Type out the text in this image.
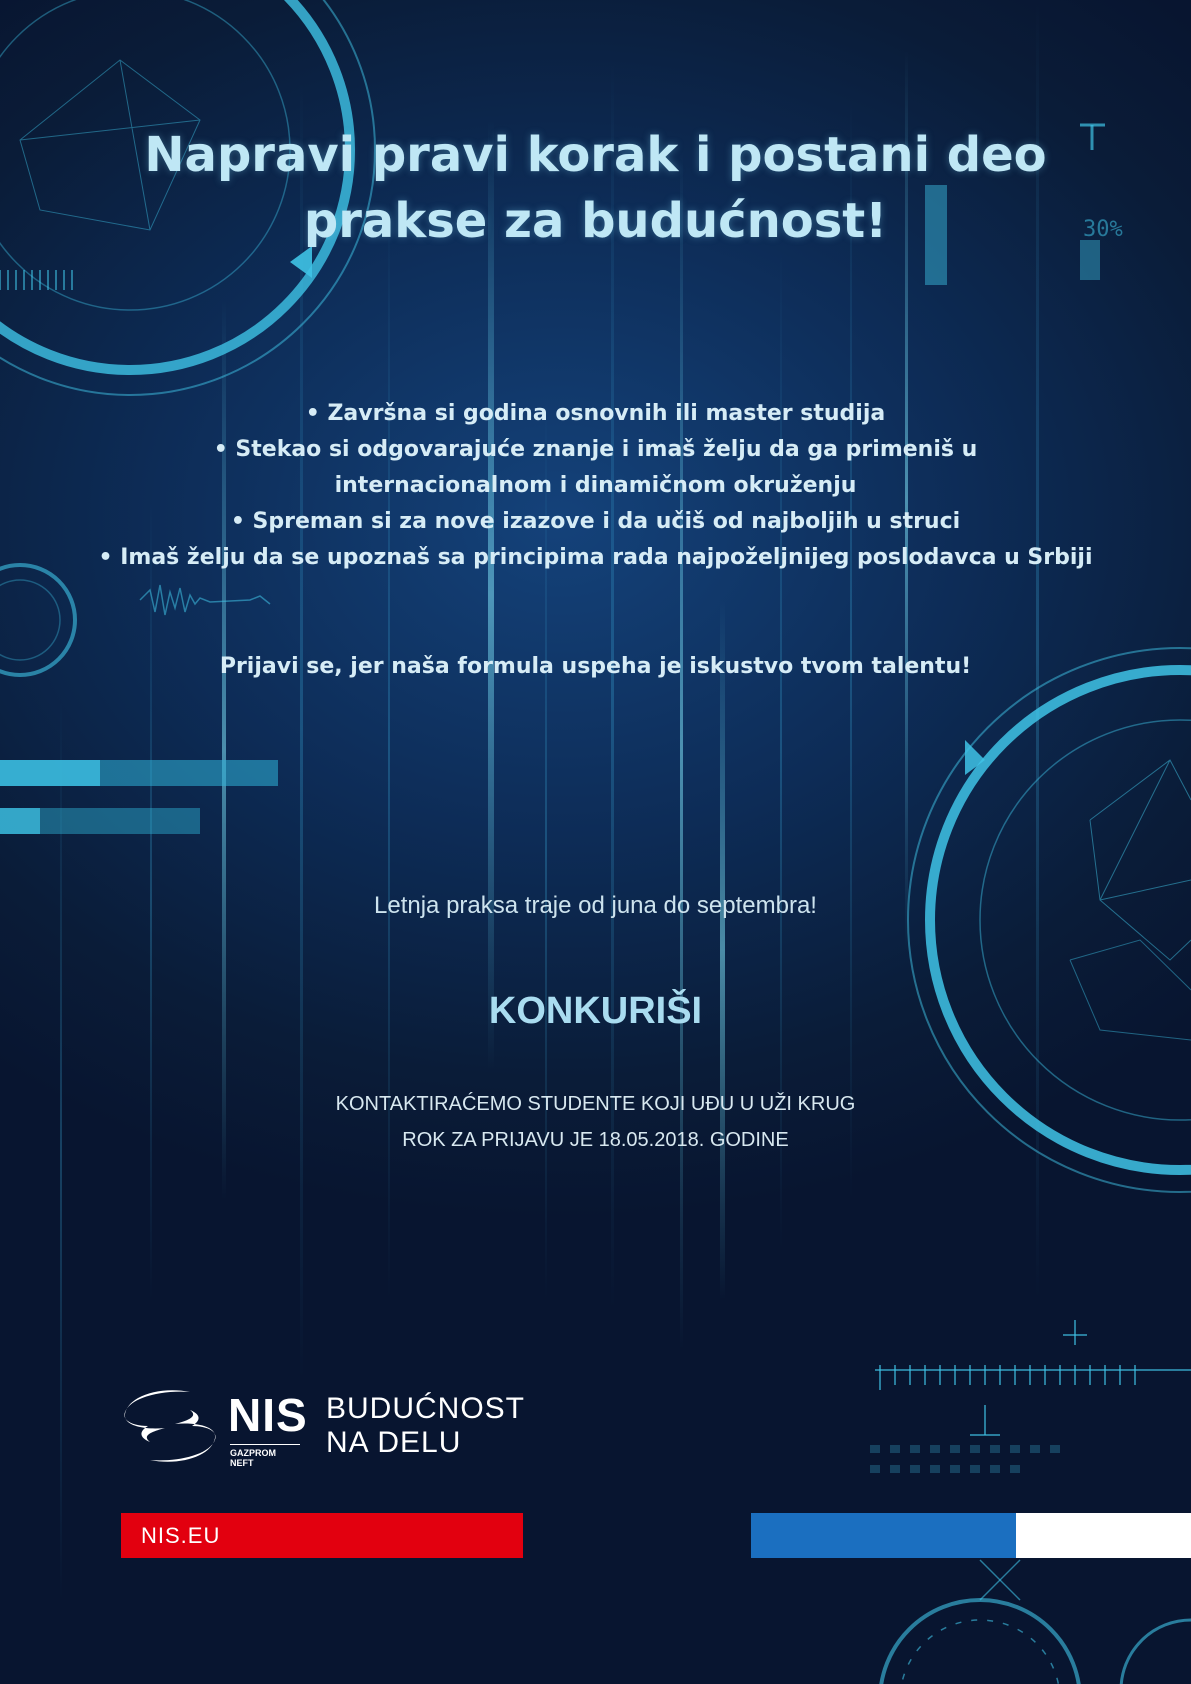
30%
Napravi pravi korak i postani deo
prakse za budućnost!
• Završna si godina osnovnih ili master studija
• Stekao si odgovarajuće znanje i imaš želju da ga primeniš u
internacionalnom i dinamičnom okruženju
• Spreman si za nove izazove i da učiš od najboljih u struci
• Imaš želju da se upoznaš sa principima rada najpoželjnijeg poslodavca u Srbiji
Prijavi se, jer naša formula uspeha je iskustvo tvom talentu!
Letnja praksa traje od juna do septembra!
KONKURIŠI
KONTAKTIRAĆEMO STUDENTE KOJI UĐU U UŽI KRUG
ROK ZA PRIJAVU JE 18.05.2018. GODINE
NIS
GAZPROM NEFT
BUDUĆNOST
NA DELU
NIS.EU
